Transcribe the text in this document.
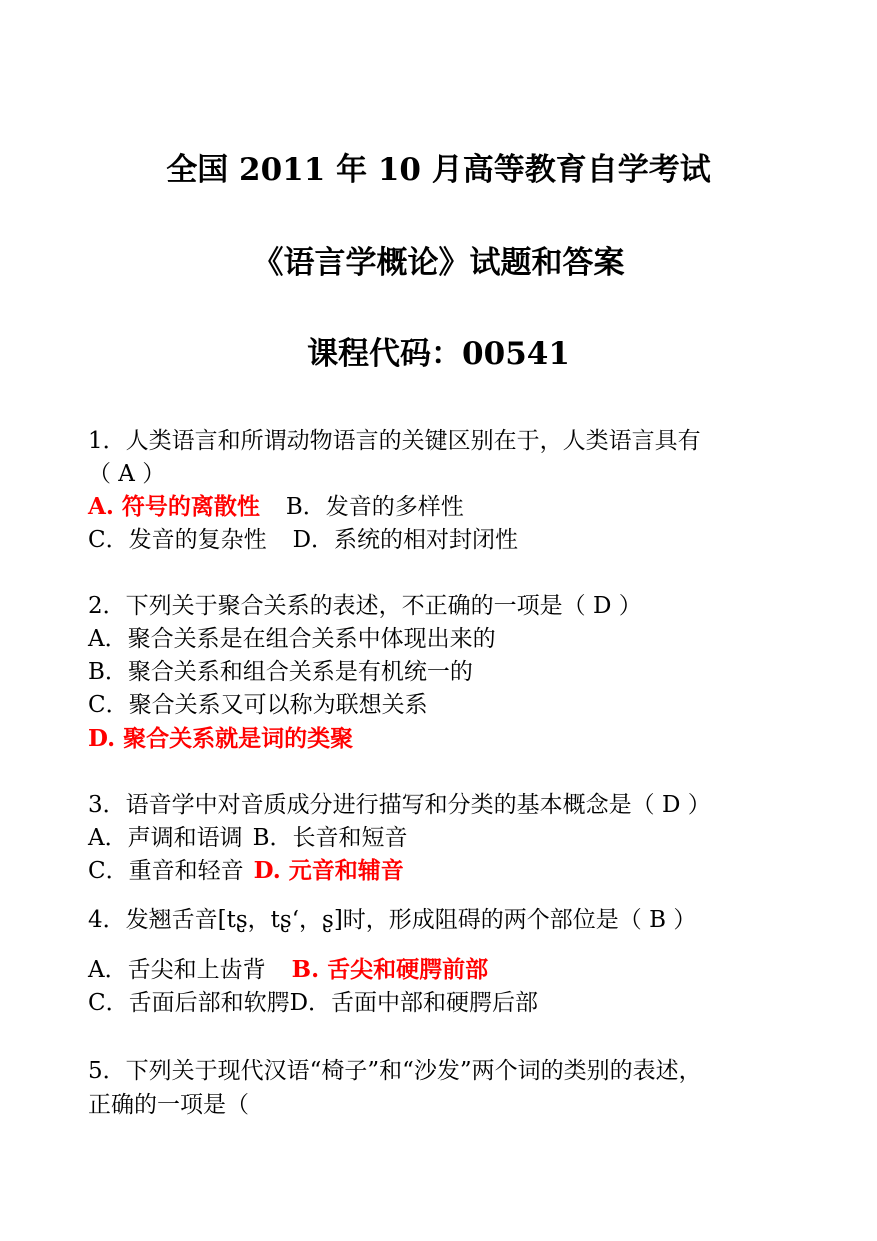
全国 2011 年 10 月高等教育自学考试
《语言学概论》试题和答案
课程代码：00541
1．人类语言和所谓动物语言的关键区别在于，人类语言具有
（ A ）
A. 符号的离散性 B．发音的多样性
C．发音的复杂性 D．系统的相对封闭性
2．下列关于聚合关系的表述，不正确的一项是（ D ）
A．聚合关系是在组合关系中体现出来的
B．聚合关系和组合关系是有机统一的
C．聚合关系又可以称为联想关系
D. 聚合关系就是词的类聚
3．语音学中对音质成分进行描写和分类的基本概念是（ D ）
A．声调和语调 B．长音和短音
C．重音和轻音 D. 元音和辅音
4．发翘舌音[tʂ，tʂʻ，ʂ]时，形成阻碍的两个部位是（ B ）
A．舌尖和上齿背 B. 舌尖和硬腭前部
C．舌面后部和软腭D．舌面中部和硬腭后部
5．下列关于现代汉语“椅子”和“沙发”两个词的类别的表述，
正确的一项是（
